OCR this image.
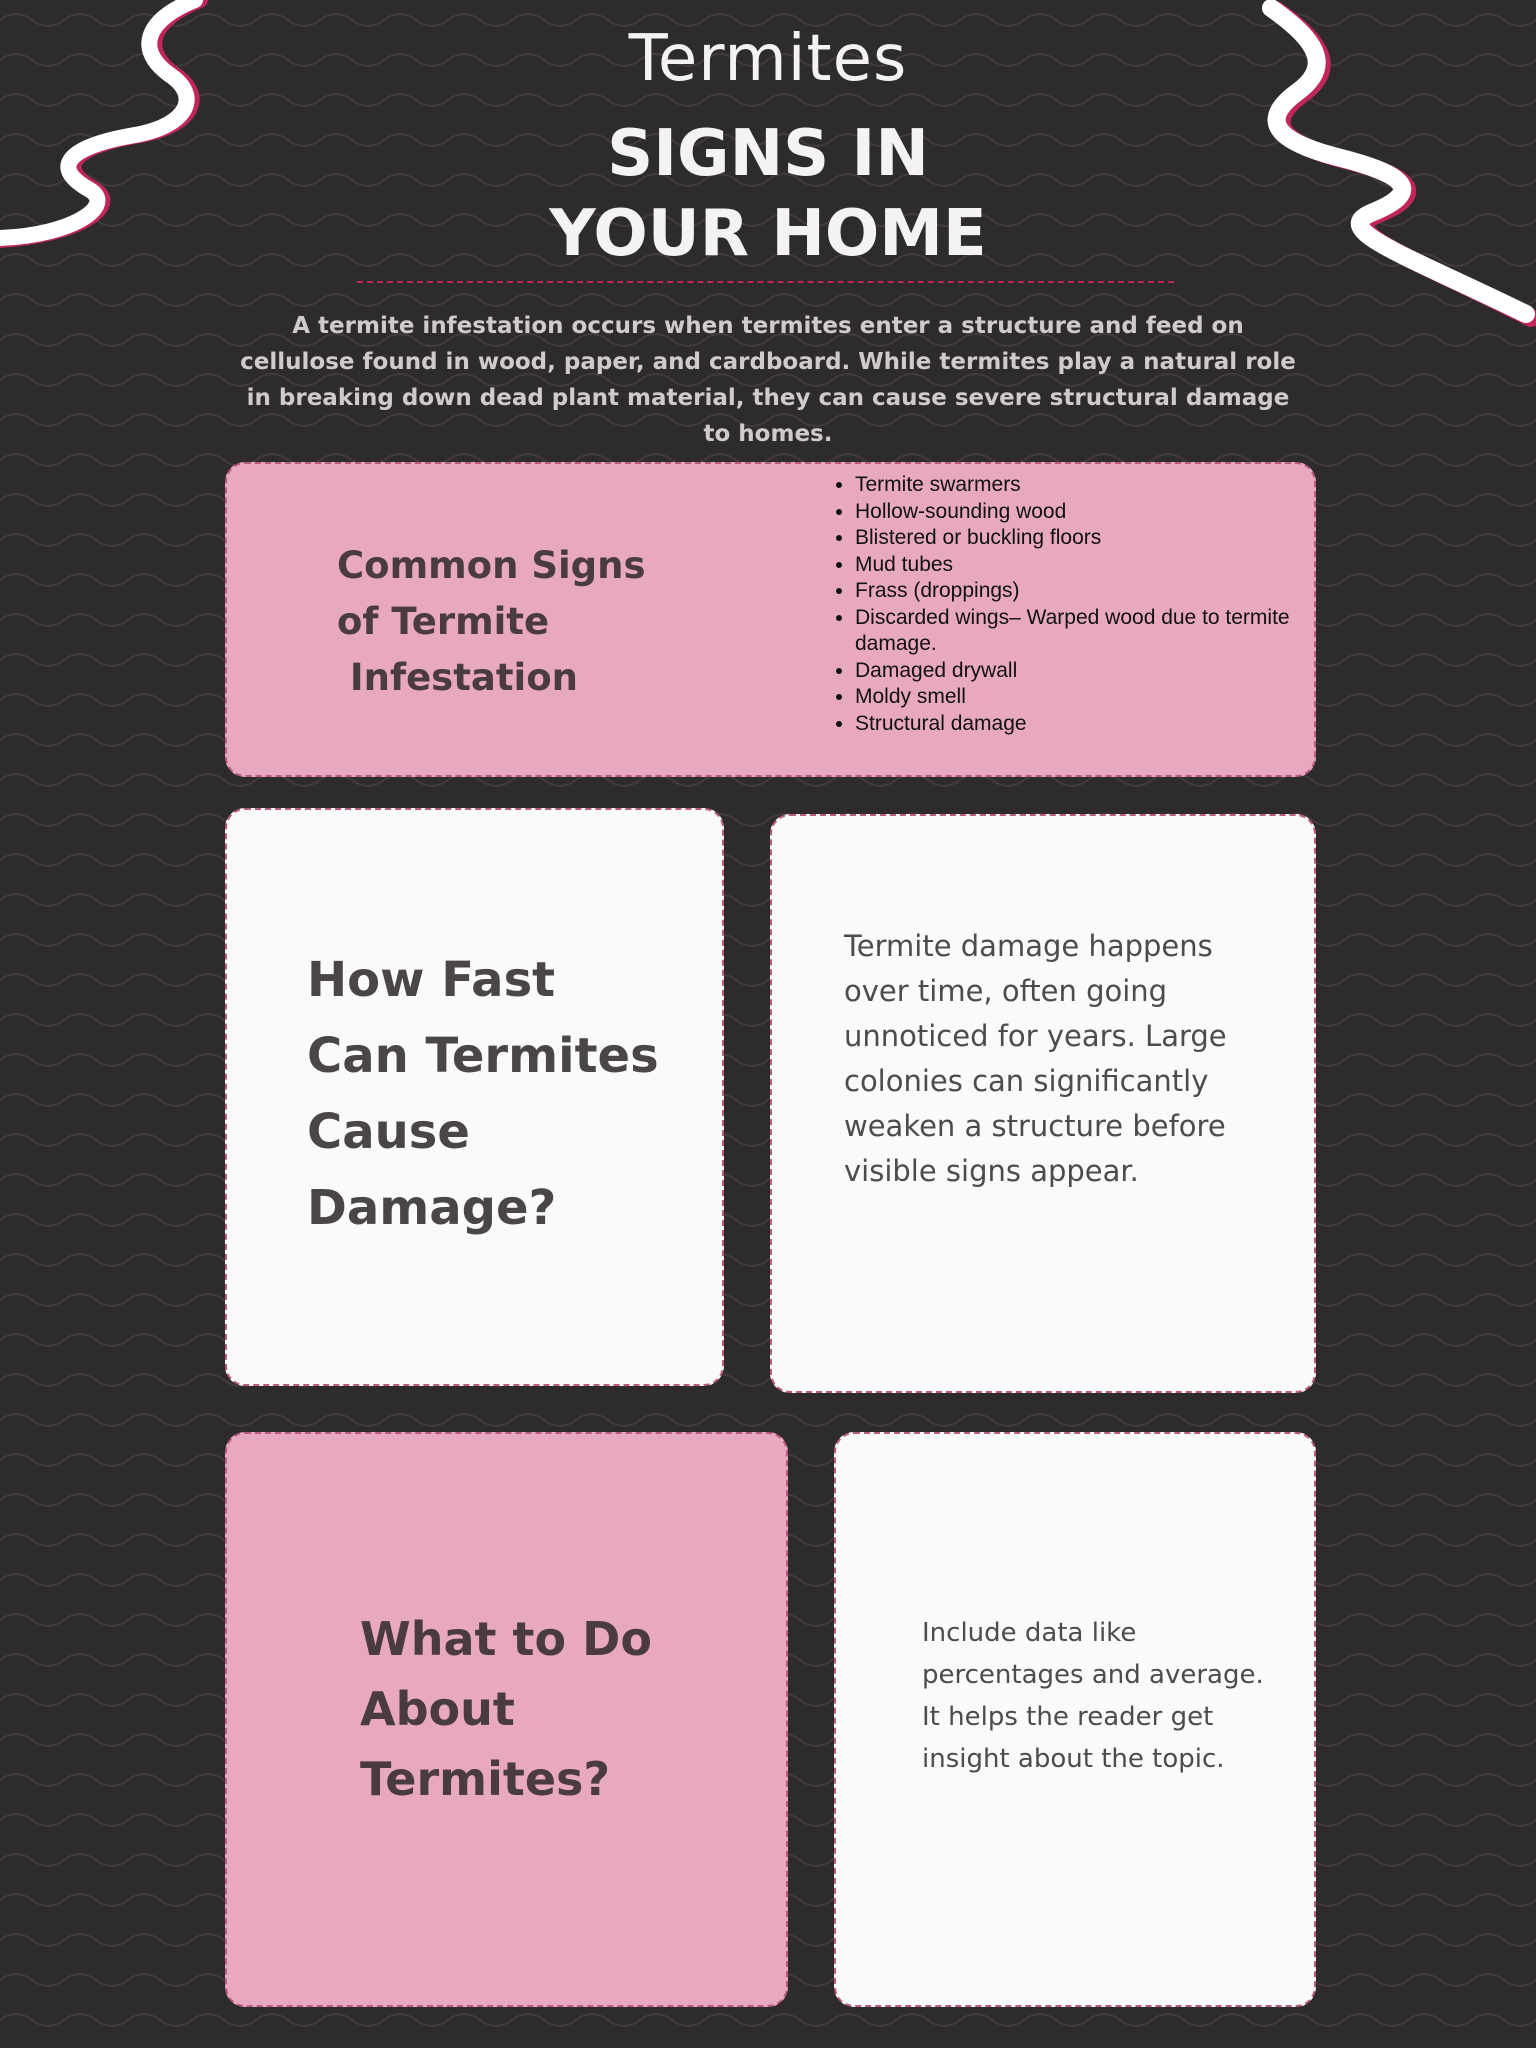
Termites
SIGNS IN
YOUR HOME

A termite infestation occurs when termites enter a structure and feed on cellulose found in wood, paper, and cardboard. While termites play a natural role in breaking down dead plant material, they can cause severe structural damage to homes.

Common Signs
of Termite
Infestation
• Termite swarmers
• Hollow-sounding wood
• Blistered or buckling floors
• Mud tubes
• Frass (droppings)
• Discarded wings– Warped wood due to termite damage.
• Damaged drywall
• Moldy smell
• Structural damage
How Fast
Can Termites
Cause
Damage?

Termite damage happens over time, often going unnoticed for years. Large colonies can significantly weaken a structure before visible signs appear.

What to Do
About
Termites?

Include data like percentages and average. It helps the reader get insight about the topic.
